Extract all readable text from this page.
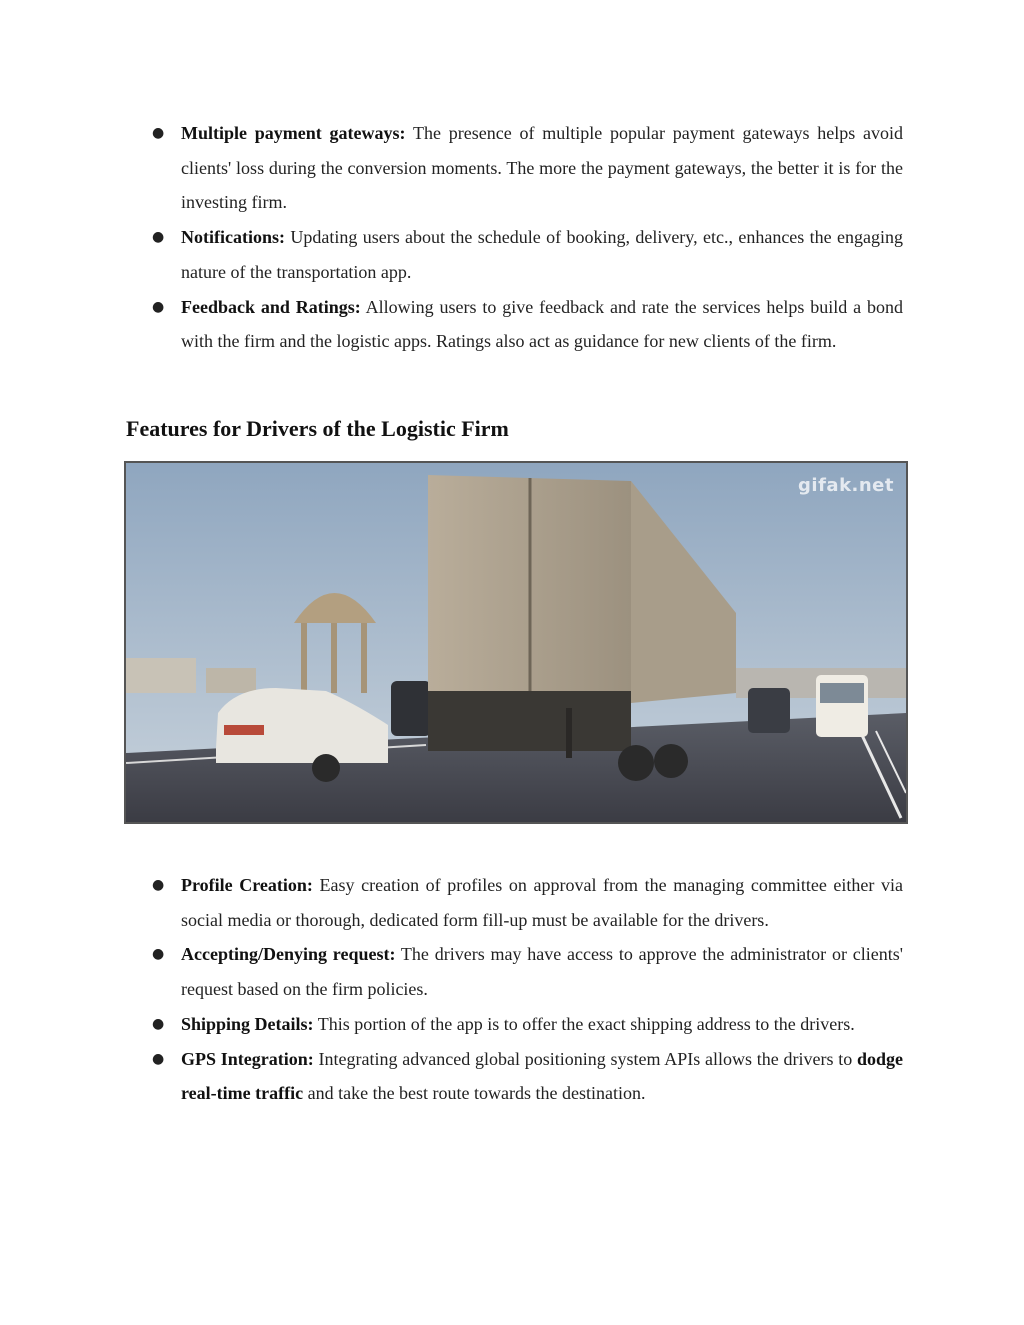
● Multiple payment gateways: The presence of multiple popular payment gateways helps avoid clients' loss during the conversion moments. The more the payment gateways, the better it is for the investing firm.
● Notifications: Updating users about the schedule of booking, delivery, etc., enhances the engaging nature of the transportation app.
● Feedback and Ratings: Allowing users to give feedback and rate the services helps build a bond with the firm and the logistic apps. Ratings also act as guidance for new clients of the firm.
Features for Drivers of the Logistic Firm
gifak.net
● Profile Creation: Easy creation of profiles on approval from the managing committee either via social media or thorough, dedicated form fill-up must be available for the drivers.
● Accepting/Denying request: The drivers may have access to approve the administrator or clients' request based on the firm policies.
● Shipping Details: This portion of the app is to offer the exact shipping address to the drivers.
● GPS Integration: Integrating advanced global positioning system APIs allows the drivers to dodge real-time traffic and take the best route towards the destination.
